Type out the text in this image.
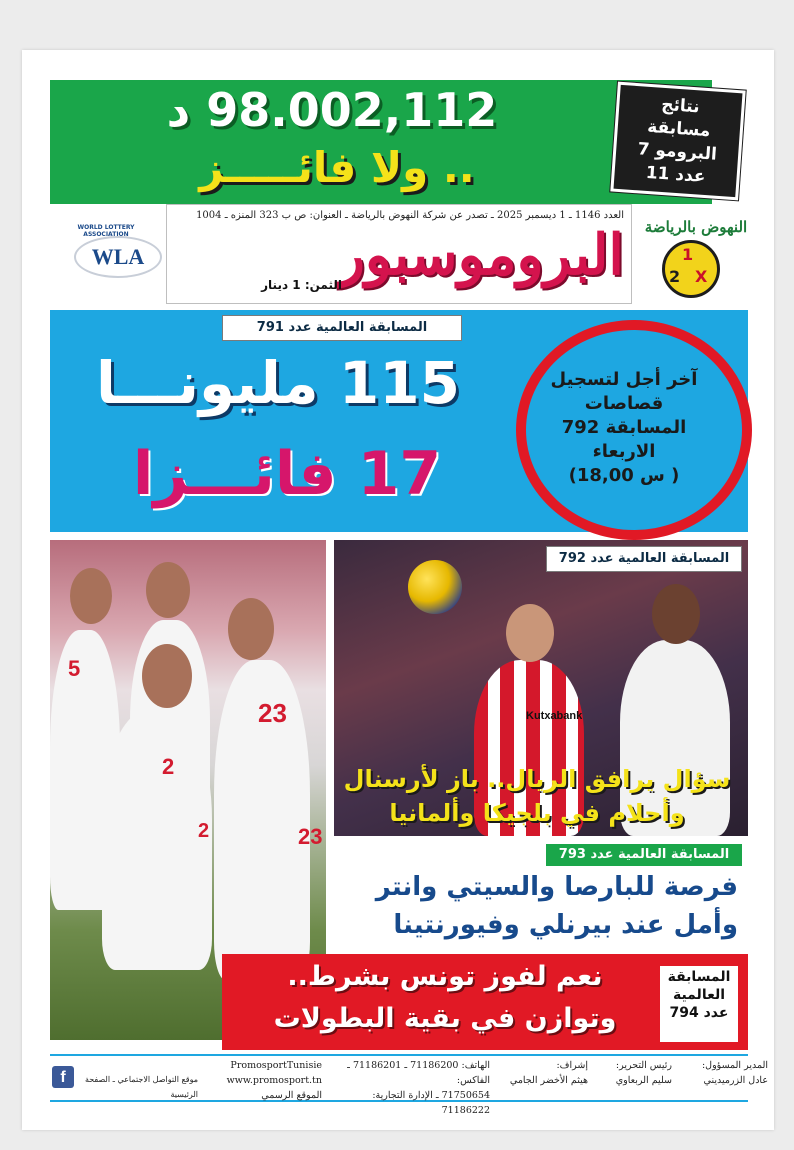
98.002,112 د
.. ولا فائـــــز
نتائج
مسابقة
البرومو 7
عدد 11
WORLD LOTTERY ASSOCIATION
WLA
العدد 1146 ـ 1 ديسمبر 2025 ـ تصدر عن شركة النهوض بالرياضة ـ العنوان: ص ب 323 المنزه ـ 1004
البروموسبور
الثمن: 1 دينار
النهوض بالرياضة
1
2 X
المسابقة العالمية عدد 791
115 مليونـــا
17 فائـــزا
آخر أجل لتسجيل
قصاصات
المسابقة 792
الاربعاء
( س 18,00)
5
23
2
2	23
Kutxabank
المسابقة العالمية عدد 792
سؤال يرافق الريال.. باز لأرسنال
وأحلام في بلجيكا وألمانيا
المسابقة العالمية عدد 793
فرصة للبارصا والسيتي وانتر
وأمل عند بيرنلي وفيورنتينا
المسابقة
العالمية
عدد 794
نعم لفوز تونس بشرط..
وتوازن في بقية البطولات
المدير المسؤول:
عادل الزرميديني
رئيس التحرير:
سليم الربعاوي
إشراف:
هيثم الأخضر الجامي
الهاتف: 71186200 ـ 71186201 ـ الفاكس:
71750654 ـ الإدارة التجارية: 71186222
PromosportTunisie
www.promosport.tn الموقع الرسمي
موقع التواصل الاجتماعي ـ الصفحة الرئيسية
f
